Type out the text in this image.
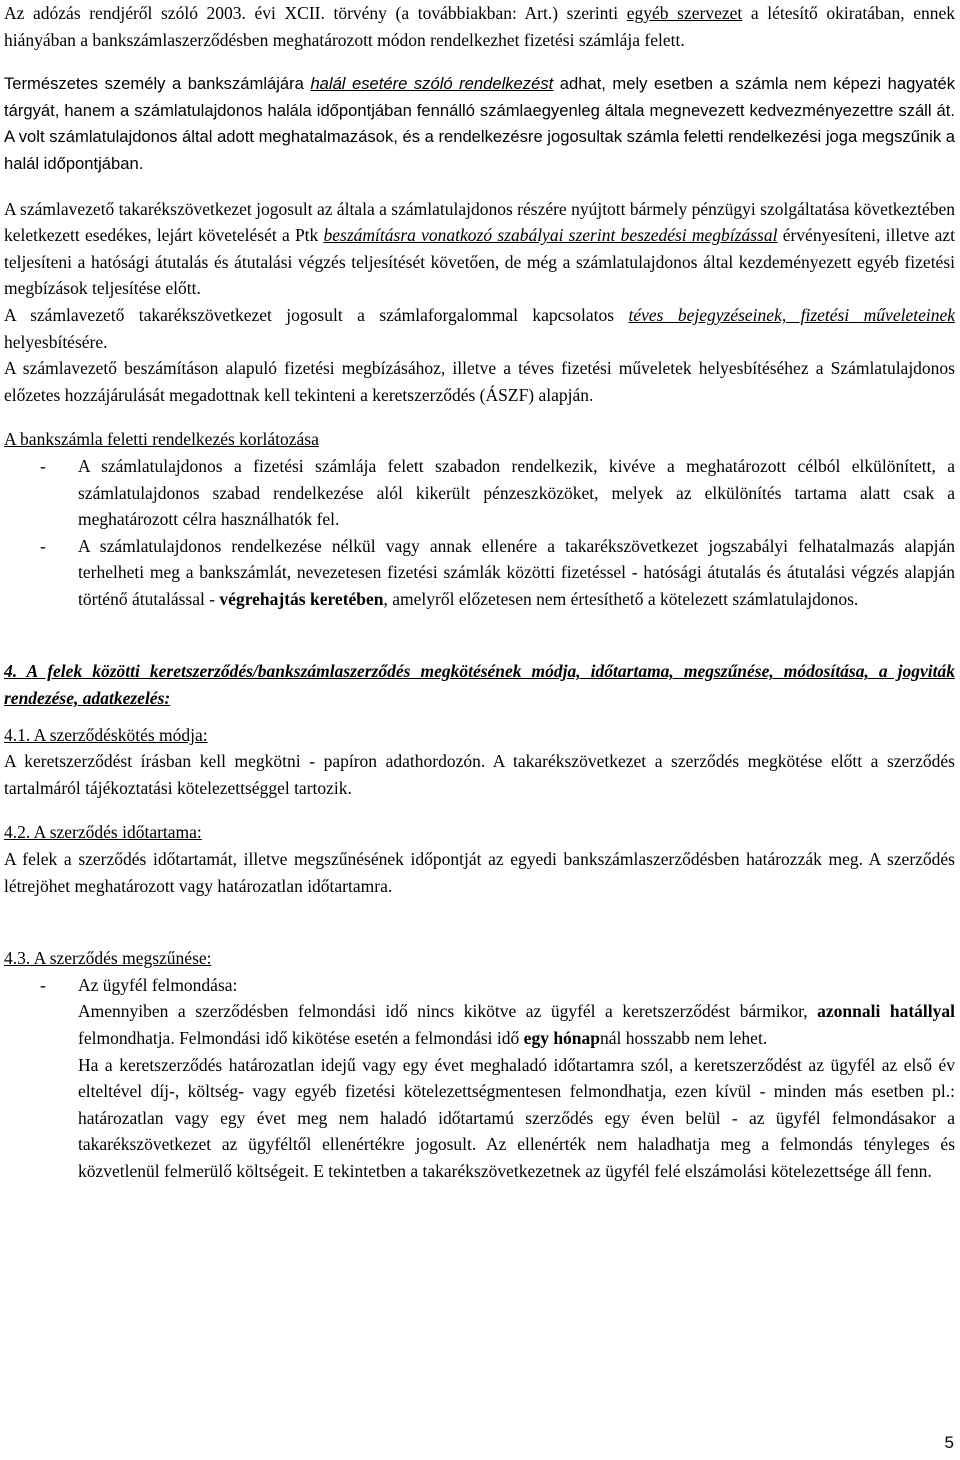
Az adózás rendjéről szóló 2003. évi XCII. törvény (a továbbiakban: Art.) szerinti egyéb szervezet a létesítő okiratában, ennek hiányában a bankszámlaszerződésben meghatározott módon rendelkezhet fizetési számlája felett.

Természetes személy a bankszámlájára halál esetére szóló rendelkezést adhat, mely esetben a számla nem képezi hagyaték tárgyát, hanem a számlatulajdonos halála időpontjában fennálló számlaegyenleg általa megnevezett kedvezményezettre száll át. A volt számlatulajdonos által adott meghatalmazások, és a rendelkezésre jogosultak számla feletti rendelkezési joga megszűnik a halál időpontjában.

A számlavezető takarékszövetkezet jogosult az általa a számlatulajdonos részére nyújtott bármely pénzügyi szolgáltatása következtében keletkezett esedékes, lejárt követelését a Ptk beszámításra vonatkozó szabályai szerint beszedési megbízással érvényesíteni, illetve azt teljesíteni a hatósági átutalás és átutalási végzés teljesítését követően, de még a számlatulajdonos által kezdeményezett egyéb fizetési megbízások teljesítése előtt.

A számlavezető takarékszövetkezet jogosult a számlaforgalommal kapcsolatos téves bejegyzéseinek, fizetési műveleteinek helyesbítésére.

A számlavezető beszámításon alapuló fizetési megbízásához, illetve a téves fizetési műveletek helyesbítéséhez a Számlatulajdonos előzetes hozzájárulását megadottnak kell tekinteni a keretszerződés (ÁSZF) alapján.

A bankszámla feletti rendelkezés korlátozása

- A számlatulajdonos a fizetési számlája felett szabadon rendelkezik, kivéve a meghatározott célból elkülönített, a számlatulajdonos szabad rendelkezése alól kikerült pénzeszközöket, melyek az elkülönítés tartama alatt csak a meghatározott célra használhatók fel.

- A számlatulajdonos rendelkezése nélkül vagy annak ellenére a takarékszövetkezet jogszabályi felhatalmazás alapján terhelheti meg a bankszámlát, nevezetesen fizetési számlák közötti fizetéssel - hatósági átutalás és átutalási végzés alapján történő átutalással - végrehajtás keretében, amelyről előzetesen nem értesíthető a kötelezett számlatulajdonos.

4. A felek közötti keretszerződés/bankszámlaszerződés megkötésének módja, időtartama, megszűnése, módosítása, a jogviták rendezése, adatkezelés:

4.1. A szerződéskötés módja:

A keretszerződést írásban kell megkötni - papíron adathordozón. A takarékszövetkezet a szerződés megkötése előtt a szerződés tartalmáról tájékoztatási kötelezettséggel tartozik.

4.2. A szerződés időtartama:

A felek a szerződés időtartamát, illetve megszűnésének időpontját az egyedi bankszámlaszerződésben határozzák meg. A szerződés létrejöhet meghatározott vagy határozatlan időtartamra.

4.3. A szerződés megszűnése:

- Az ügyfél felmondása:

Amennyiben a szerződésben felmondási idő nincs kikötve az ügyfél a keretszerződést bármikor, azonnali hatállyal felmondhatja. Felmondási idő kikötése esetén a felmondási idő egy hónapnál hosszabb nem lehet.

Ha a keretszerződés határozatlan idejű vagy egy évet meghaladó időtartamra szól, a keretszerződést az ügyfél az első év elteltével díj-, költség- vagy egyéb fizetési kötelezettségmentesen felmondhatja, ezen kívül - minden más esetben pl.: határozatlan vagy egy évet meg nem haladó időtartamú szerződés egy éven belül - az ügyfél felmondásakor a takarékszövetkezet az ügyféltől ellenértékre jogosult. Az ellenérték nem haladhatja meg a felmondás tényleges és közvetlenül felmerülő költségeit. E tekintetben a takarékszövetkezetnek az ügyfél felé elszámolási kötelezettsége áll fenn.

5
